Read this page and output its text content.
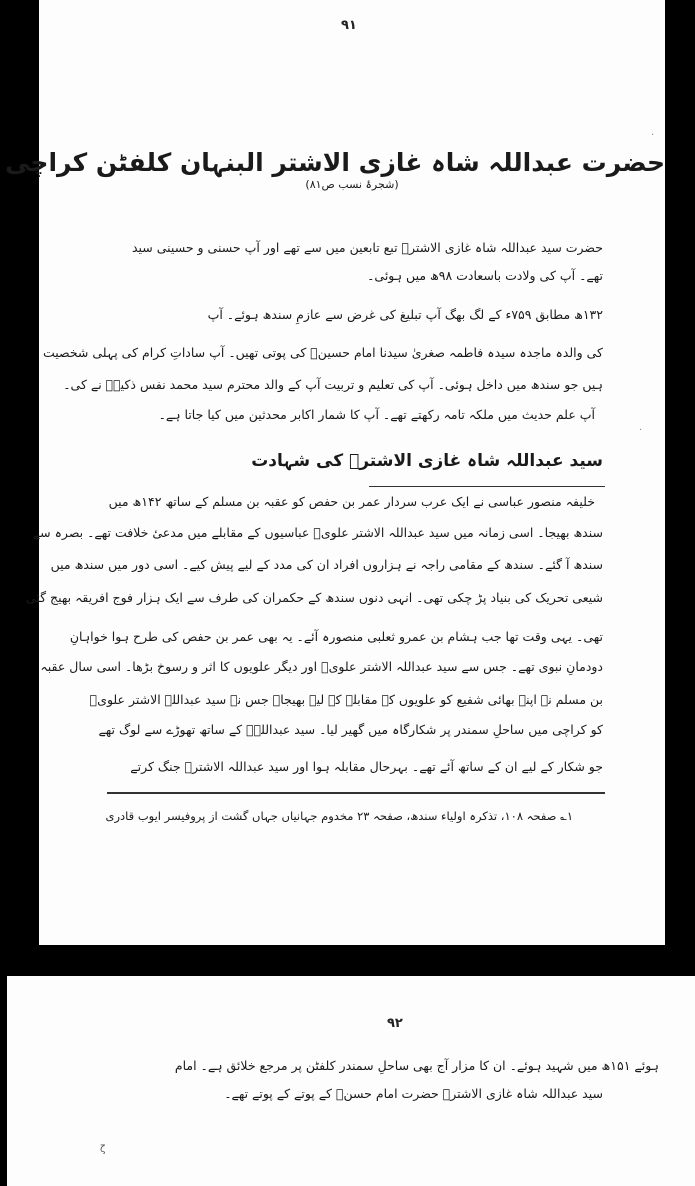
۹۱
حضرت عبداللہ شاہ غازی الاشتر البنہان کلفٹن کراچی
(شجرۂ نسب ص۸۱)
حضرت سید عبداللہ شاہ غازی الاشترؒ تبع تابعین میں سے تھے اور آپ حسنی و حسینی سید
تھے۔ آپ کی ولادت باسعادت ۹۸ھ میں ہوئی۔
۱۳۲ھ مطابق ۷۵۹ء کے لگ بھگ آپ تبلیغ کی غرض سے عازمِ سندھ ہوئے۔ آپ
کی والدہ ماجدہ سیدہ فاطمہ صغریٰ سیدنا امام حسینؓ کی پوتی تھیں۔ آپ ساداتِ کرام کی پہلی شخصیت
ہیں جو سندھ میں داخل ہوئی۔ آپ کی تعلیم و تربیت آپ کے والد محترم سید محمد نفس ذکیہؒ نے کی۔
آپ علم حدیث میں ملکہ تامہ رکھتے تھے۔ آپ کا شمار اکابر محدثین میں کیا جاتا ہے۔
سید عبداللہ شاہ غازی الاشترؒ کی شہادت
خلیفہ منصور عباسی نے ایک عرب سردار عمر بن حفص کو عقبہ بن مسلم کے ساتھ ۱۴۲ھ میں
سندھ بھیجا۔ اسی زمانہ میں سید عبداللہ الاشتر علویؒ عباسیوں کے مقابلے میں مدعیٔ خلافت تھے۔ بصرہ سے
سندھ آ گئے۔ سندھ کے مقامی راجہ نے ہزاروں افراد ان کی مدد کے لیے پیش کیے۔ اسی دور میں سندھ میں
شیعی تحریک کی بنیاد پڑ چکی تھی۔ انہی دنوں سندھ کے حکمران کی طرف سے ایک ہزار فوج افریقہ بھیج گئی
تھی۔ یہی وقت تھا جب ہشام بن عمرو ثعلبی منصورہ آئے۔ یہ بھی عمر بن حفص کی طرح ہوا خواہانِ
دودمانِ نبوی تھے۔ جس سے سید عبداللہ الاشتر علویؒ اور دیگر علویوں کا اثر و رسوخ بڑھا۔ اسی سال عقبہ
بن مسلم نے اپنے بھائی شفیع کو علویوں کے مقابلہ کے لیے بھیجا۔ جس نے سید عبداللہ الاشتر علویؒ
کو کراچی میں ساحلِ سمندر پر شکارگاہ میں گھیر لیا۔ سید عبداللہؒ کے ساتھ تھوڑے سے لوگ تھے
جو شکار کے لیے ان کے ساتھ آئے تھے۔ بہرحال مقابلہ ہوا اور سید عبداللہ الاشترؒ جنگ کرتے
۱؎ صفحہ ۱۰۸، تذکرہ اولیاء سندھ، صفحہ ۲۳ مخدوم جہانیاں جہاں گشت از پروفیسر ایوب قادری
·
·
۹۲
ہوئے ۱۵۱ھ میں شہید ہوئے۔ ان کا مزار آج بھی ساحلِ سمندر کلفٹن پر مرجع خلائق ہے۔ امام
سید عبداللہ شاہ غازی الاشترؒ حضرت امام حسنؓ کے پوتے کے پوتے تھے۔
ζ
